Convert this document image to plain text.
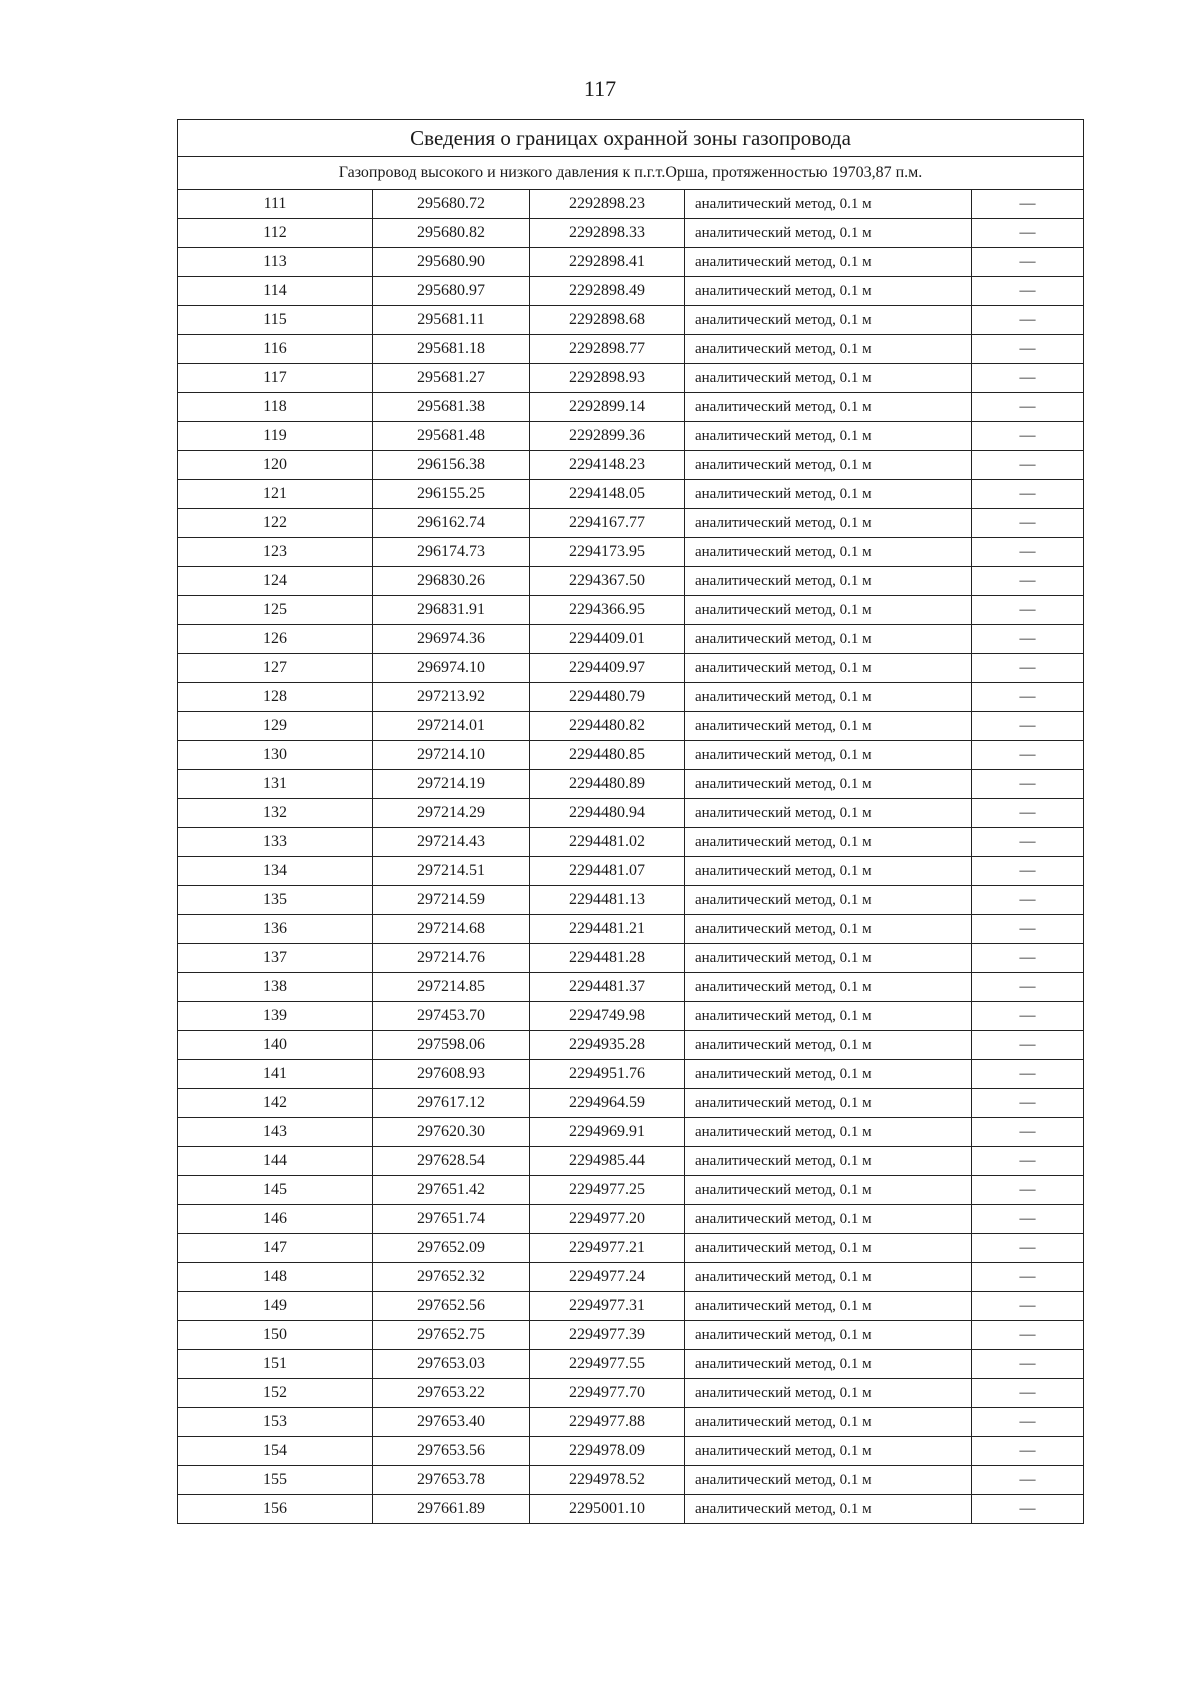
117
Сведения о границах охранной зоны газопровода				
Газопровод высокого и низкого давления к п.г.т.Орша, протяженностью 19703,87 п.м.				
111	295680.72	2292898.23	аналитический метод, 0.1 м	—
112	295680.82	2292898.33	аналитический метод, 0.1 м	—
113	295680.90	2292898.41	аналитический метод, 0.1 м	—
114	295680.97	2292898.49	аналитический метод, 0.1 м	—
115	295681.11	2292898.68	аналитический метод, 0.1 м	—
116	295681.18	2292898.77	аналитический метод, 0.1 м	—
117	295681.27	2292898.93	аналитический метод, 0.1 м	—
118	295681.38	2292899.14	аналитический метод, 0.1 м	—
119	295681.48	2292899.36	аналитический метод, 0.1 м	—
120	296156.38	2294148.23	аналитический метод, 0.1 м	—
121	296155.25	2294148.05	аналитический метод, 0.1 м	—
122	296162.74	2294167.77	аналитический метод, 0.1 м	—
123	296174.73	2294173.95	аналитический метод, 0.1 м	—
124	296830.26	2294367.50	аналитический метод, 0.1 м	—
125	296831.91	2294366.95	аналитический метод, 0.1 м	—
126	296974.36	2294409.01	аналитический метод, 0.1 м	—
127	296974.10	2294409.97	аналитический метод, 0.1 м	—
128	297213.92	2294480.79	аналитический метод, 0.1 м	—
129	297214.01	2294480.82	аналитический метод, 0.1 м	—
130	297214.10	2294480.85	аналитический метод, 0.1 м	—
131	297214.19	2294480.89	аналитический метод, 0.1 м	—
132	297214.29	2294480.94	аналитический метод, 0.1 м	—
133	297214.43	2294481.02	аналитический метод, 0.1 м	—
134	297214.51	2294481.07	аналитический метод, 0.1 м	—
135	297214.59	2294481.13	аналитический метод, 0.1 м	—
136	297214.68	2294481.21	аналитический метод, 0.1 м	—
137	297214.76	2294481.28	аналитический метод, 0.1 м	—
138	297214.85	2294481.37	аналитический метод, 0.1 м	—
139	297453.70	2294749.98	аналитический метод, 0.1 м	—
140	297598.06	2294935.28	аналитический метод, 0.1 м	—
141	297608.93	2294951.76	аналитический метод, 0.1 м	—
142	297617.12	2294964.59	аналитический метод, 0.1 м	—
143	297620.30	2294969.91	аналитический метод, 0.1 м	—
144	297628.54	2294985.44	аналитический метод, 0.1 м	—
145	297651.42	2294977.25	аналитический метод, 0.1 м	—
146	297651.74	2294977.20	аналитический метод, 0.1 м	—
147	297652.09	2294977.21	аналитический метод, 0.1 м	—
148	297652.32	2294977.24	аналитический метод, 0.1 м	—
149	297652.56	2294977.31	аналитический метод, 0.1 м	—
150	297652.75	2294977.39	аналитический метод, 0.1 м	—
151	297653.03	2294977.55	аналитический метод, 0.1 м	—
152	297653.22	2294977.70	аналитический метод, 0.1 м	—
153	297653.40	2294977.88	аналитический метод, 0.1 м	—
154	297653.56	2294978.09	аналитический метод, 0.1 м	—
155	297653.78	2294978.52	аналитический метод, 0.1 м	—
156	297661.89	2295001.10	аналитический метод, 0.1 м	—
